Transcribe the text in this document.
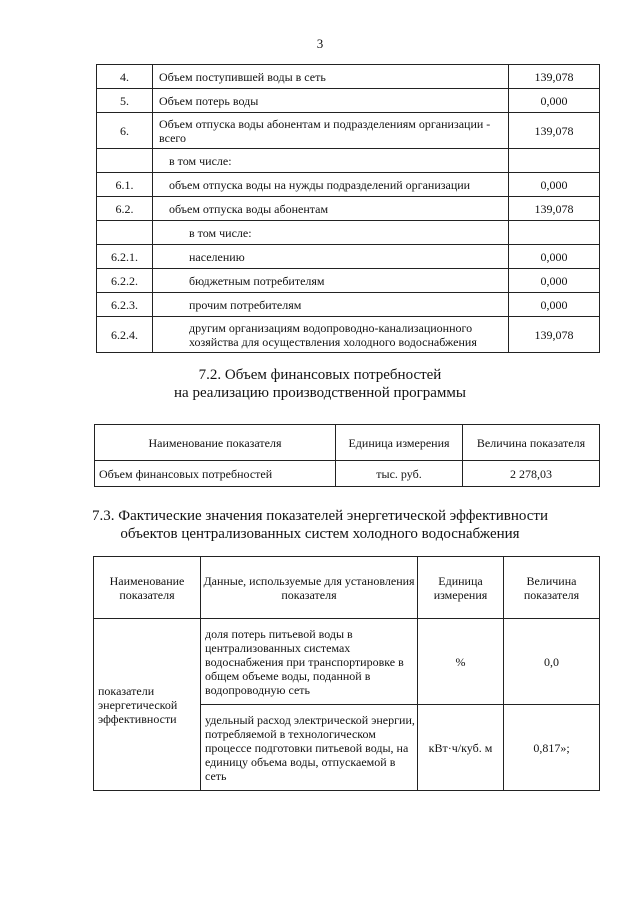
3
4.	Объем поступившей воды в сеть	139,078
5.	Объем потерь воды	0,000
6.	Объем отпуска воды абонентам и подразделениям организации - всего	139,078
	в том числе:	
6.1.	объем отпуска воды на нужды подразделений организации	0,000
6.2.	объем отпуска воды абонентам	139,078
	в том числе:	
6.2.1.	населению	0,000
6.2.2.	бюджетным потребителям	0,000
6.2.3.	прочим потребителям	0,000
6.2.4.	другим организациям водопроводно-канализационного хозяйства для осуществления холодного водоснабжения	139,078
7.2. Объем финансовых потребностей
на реализацию производственной программы
Наименование показателя	Единица измерения	Величина показателя
Объем финансовых потребностей	тыс. руб.	2 278,03
7.3. Фактические значения показателей энергетической эффективности
объектов централизованных систем холодного водоснабжения
Наименование показателя	Данные, используемые для установления показателя	Единица измерения	Величина показателя
показатели энергетической эффективности	доля потерь питьевой воды в централизованных системах водоснабжения при транспортировке в общем объеме воды, поданной в водопроводную сеть	%	0,0
	удельный расход электрической энергии, потребляемой в технологическом процессе подготовки питьевой воды, на единицу объема воды, отпускаемой в сеть	кВт·ч/куб. м	0,817»;
